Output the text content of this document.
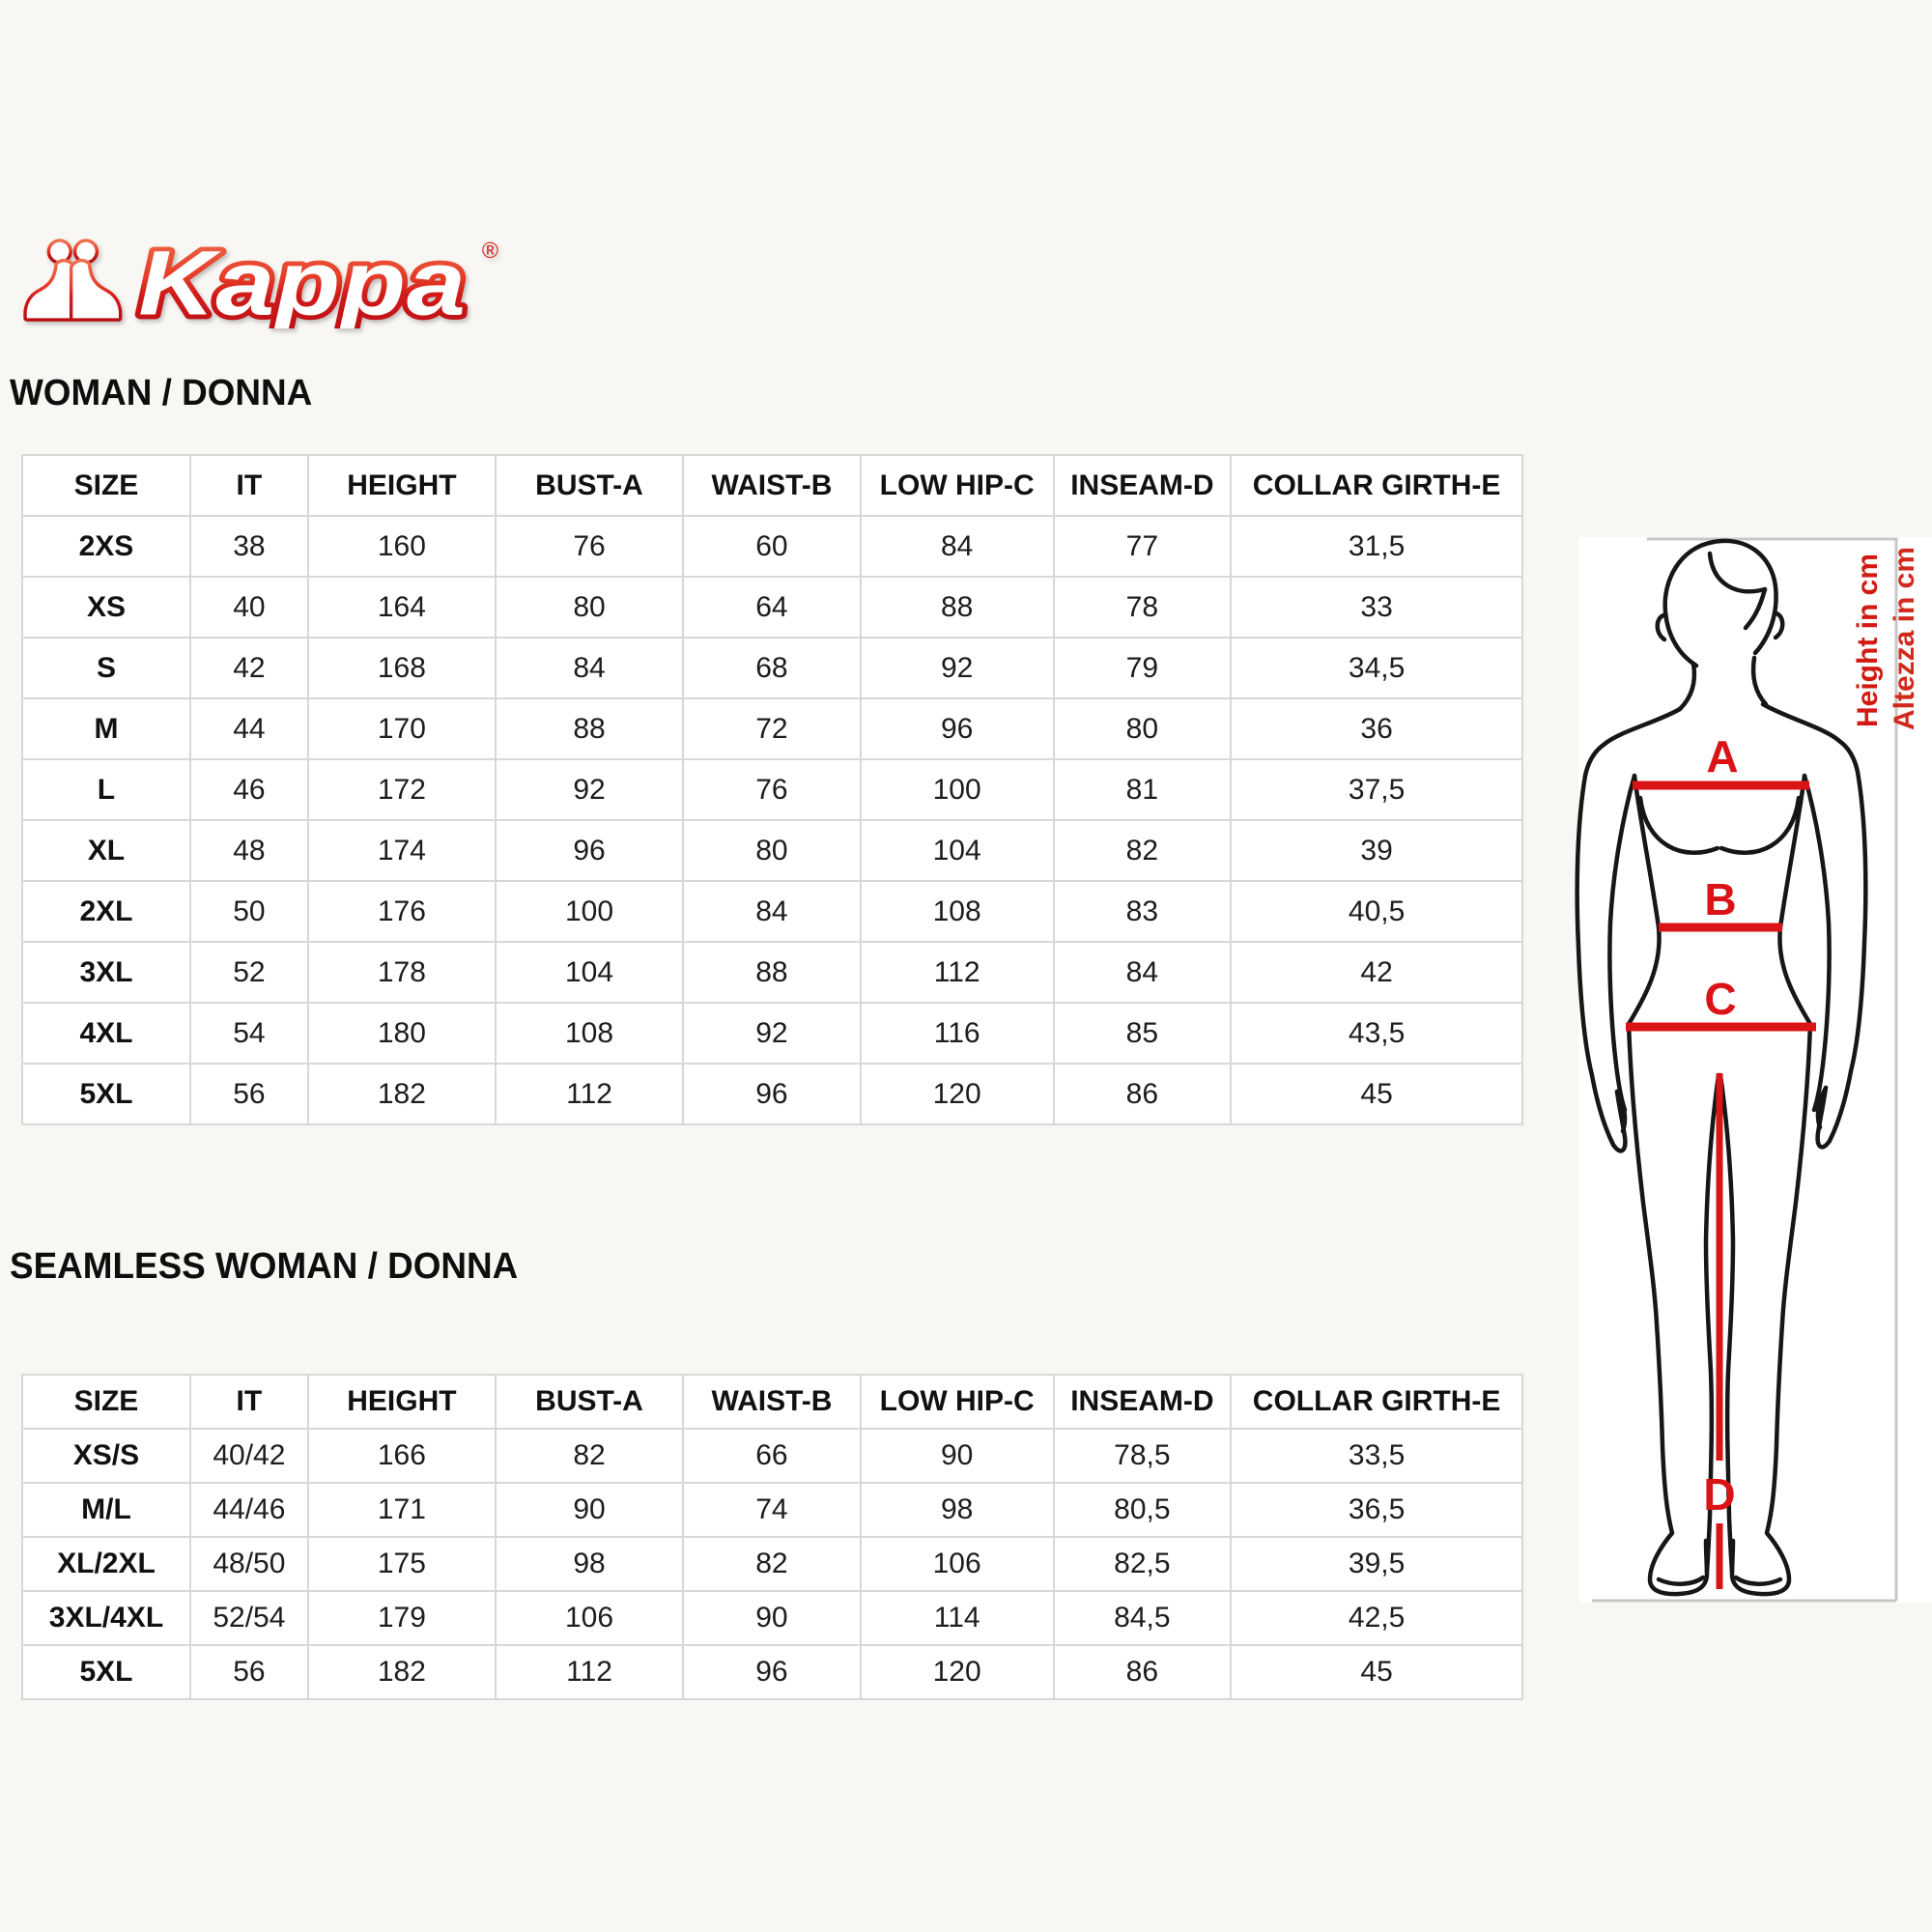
Kappa ®
WOMAN / DONNA
SIZE	IT	HEIGHT	BUST-A	WAIST-B	LOW HIP-C	INSEAM-D	COLLAR GIRTH-E
2XS	38	160	76	60	84	77	31,5
XS	40	164	80	64	88	78	33
S	42	168	84	68	92	79	34,5
M	44	170	88	72	96	80	36
L	46	172	92	76	100	81	37,5
XL	48	174	96	80	104	82	39
2XL	50	176	100	84	108	83	40,5
3XL	52	178	104	88	112	84	42
4XL	54	180	108	92	116	85	43,5
5XL	56	182	112	96	120	86	45
SEAMLESS WOMAN / DONNA
SIZE	IT	HEIGHT	BUST-A	WAIST-B	LOW HIP-C	INSEAM-D	COLLAR GIRTH-E
XS/S	40/42	166	82	66	90	78,5	33,5
M/L	44/46	171	90	74	98	80,5	36,5
XL/2XL	48/50	175	98	82	106	82,5	39,5
3XL/4XL	52/54	179	106	90	114	84,5	42,5
5XL	56	182	112	96	120	86	45
Height in cm Altezza in cm
A
B
C
D
